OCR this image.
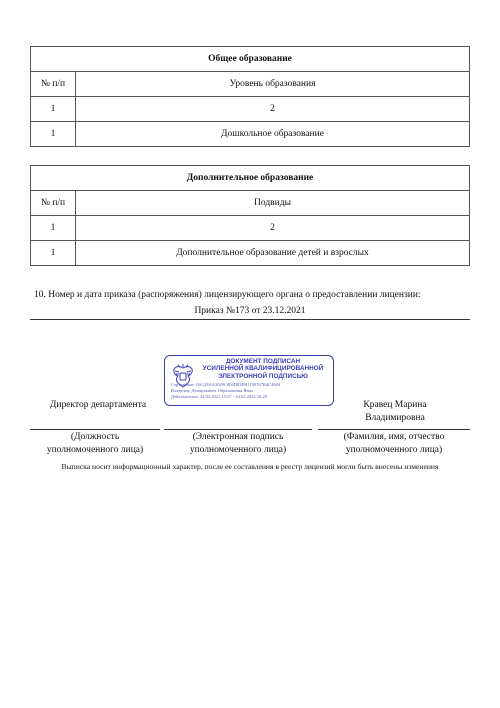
Общее образование	
№ п/п	Уровень образования
1	2
1	Дошкольное образование
Дополнительное образование	
№ п/п	Подвиды
1	2
1	Дополнительное образование детей и взрослых
10. Номер и дата приказа (распоряжения) лицензирующего органа о предоставлении лицензии:
Приказ №173 от 23.12.2021
ДОКУМЕНТ ПОДПИСАН
УСИЛЕННОЙ КВАЛИФИЦИРОВАННОЙ
ЭЛЕКТРОННОЙ ПОДПИСЬЮ
Сертификат: 0A129AA3029C004D82EB1190767B4C4684
Владелец: Департамент Образования Янао
Действителен: 24.02.2021 15:57 - 24.02.2022 16:20
Директор департамента	Кравец Марина
Владимировна
(Должность
уполномоченного лица)
(Электронная подпись
уполномоченного лица)
(Фамилия, имя, отчество
уполномоченного лица)
Выписка носит информационный характер, после ее составления в реестр лицензий могли быть внесены изменения
